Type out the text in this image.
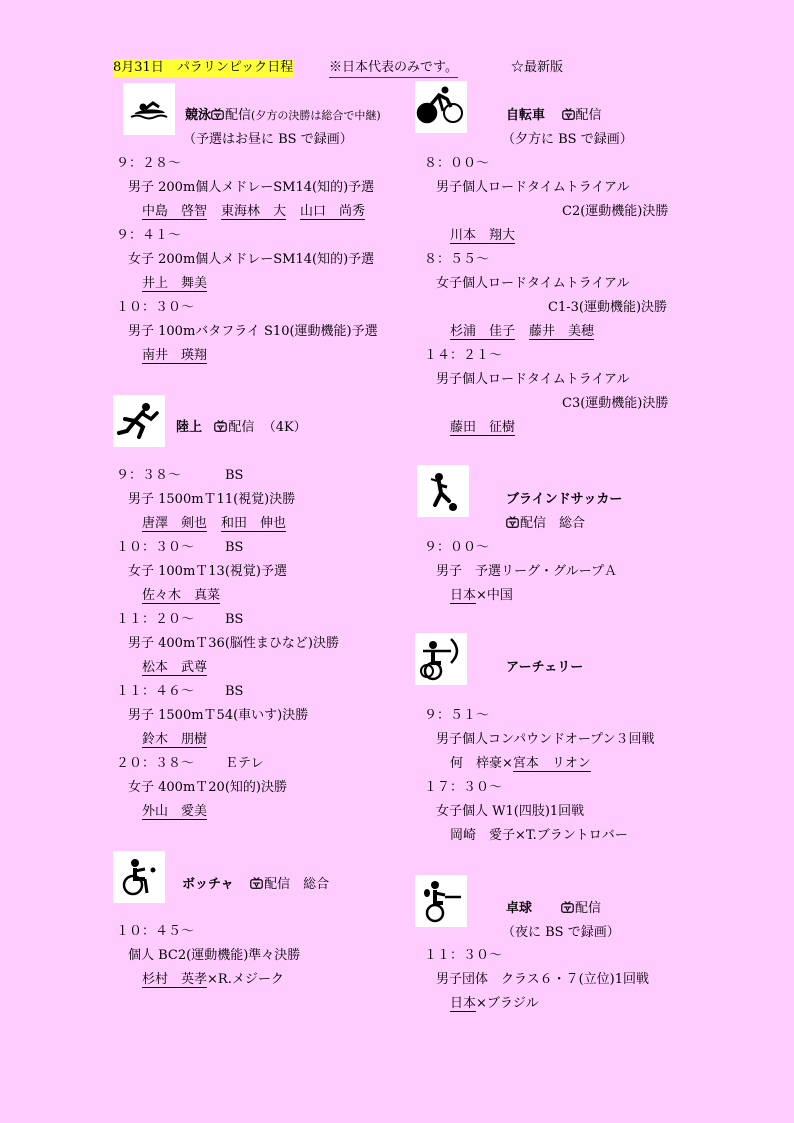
8月31日　パラリンピック日程	※日本代表のみです。	☆最新版
競泳 配信(夕方の決勝は総合で中継)
（予選はお昼に BS で録画）
９：２８～
男子 200m個人メドレーSM14(知的)予選
中島　啓智 東海林　大 山口　尚秀
９：４１～
女子 200m個人メドレーSM14(知的)予選
井上　舞美
１０：３０～
男子 100mバタフライ S10(運動機能)予選
南井　瑛翔
陸上 配信 （4K）
９：３８～	BS
男子 1500mＴ11(視覚)決勝
唐澤　剣也 和田　伸也
１０：３０～ BS
女子 100mＴ13(視覚)予選
佐々木　真菜
１１：２０～ BS
男子 400mＴ36(脳性まひなど)決勝
松本　武尊
１１：４６～ BS
男子 1500mＴ54(車いす)決勝
鈴木　朋樹
２０：３８～ Ｅテレ
女子 400mＴ20(知的)決勝
外山　愛美
ボッチャ 配信　総合
１０：４５～
個人 BC2(運動機能)準々決勝
杉村　英孝×R.メジーク
自転車 配信
（夕方に BS で録画）
８：００～
男子個人ロードタイムトライアル
C2(運動機能)決勝
川本　翔大
８：５５～
女子個人ロードタイムトライアル
C1-3(運動機能)決勝
杉浦　佳子 藤井　美穂
１４：２１～
男子個人ロードタイムトライアル
C3(運動機能)決勝
藤田　征樹
ブラインドサッカー
配信　総合
９：００～
男子　予選リーグ・グループＡ
日本×中国
アーチェリー
９：５１～
男子個人コンパウンドオープン３回戦
何　梓豪×宮本　リオン
１７：３０～
女子個人 W1(四肢)1回戦
岡崎　愛子×T.ブラントロバー
卓球	配信
（夜に BS で録画）
１１：３０～
男子団体　クラス６・７(立位)1回戦
日本×ブラジル
